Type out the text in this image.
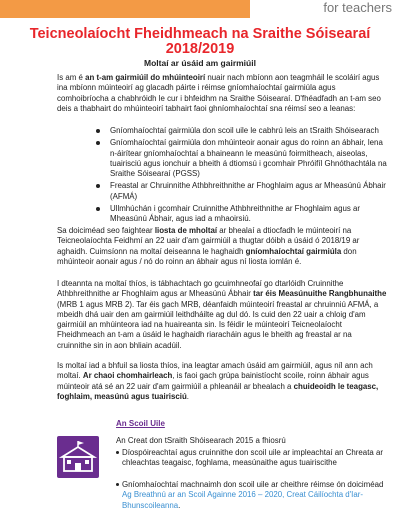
for teachers
Teicneolaíocht Fheidhmeach na Sraithe Sóisearaí
2018/2019
Moltaí ar úsáid am gairmiúil

Is am é an t-am gairmiúil do mhúinteoirí nuair nach mbíonn aon teagmháil le scoláirí agus ina mbíonn múinteoirí ag glacadh páirte i réimse gníomhaíochtaí gairmiúla agus comhoibríocha a chabhróidh le cur i bhfeidhm na Sraithe Sóisearaí. D'fhéadfadh an t-am seo deis a thabhairt do mhúinteoirí tabhairt faoi ghníomhaíochtaí sna réimsí seo a leanas:

Gníomhaíochtaí gairmiúla don scoil uile le cabhrú leis an tSraith Shóisearach
Gníomhaíochtaí gairmiúla don mhúinteoir aonair agus do roinn an ábhair, lena n-áirítear gníomhaíochtaí a bhaineann le measúnú foirmitheach, aiseolas, tuairisciú agus ionchuir a bheith á dtiomsú i gcomhair Phróifíl Ghnóthachtála na Sraithe Sóisearaí (PGSS)
Freastal ar Chruinnithe Athbhreithnithe ar Fhoghlaim agus ar Mheasúnú Ábhair (AFMÁ)
Ullmhúchán i gcomhair Cruinnithe Athbhreithnithe ar Fhoghlaim agus ar Mheasúnú Ábhair, agus iad a mhaoirsiú.

Sa doiciméad seo faightear liosta de mholtaí ar bhealaí a dtiocfadh le múinteoirí na Teicneolaíochta Feidhmí an 22 uair d'am gairmiúil a thugtar dóibh a úsáid ó 2018/19 ar aghaidh. Cuimsíonn na moltaí deiseanna le haghaidh gníomhaíochtaí gairmiúla don mhúinteoir aonair agus / nó do roinn an ábhair agus ní liosta iomlán é.

I dteannta na moltaí thíos, is tábhachtach go gcuimhneofaí go dtarlóidh Cruinnithe Athbhreithnithe ar Fhoghlaim agus ar Mheasúnú Ábhair tar éis Measúnuithe Rangbhunaithe (MRB 1 agus MRB 2). Tar éis gach MRB, déanfaidh múinteoirí freastal ar chruinniú AFMÁ, a mbeidh dhá uair den am gairmiúil leithdháilte ag dul dó. Is cuid den 22 uair a chloig d'am gairmiúil an mhúinteora iad na huaireanta sin. Is féidir le múinteoirí Teicneolaíocht Fheidhmeach an t-am a úsáid le haghaidh riaracháin agus le bheith ag freastal ar na cruinnithe sin in aon bhliain acadúil.

Is moltaí iad a bhfuil sa liosta thíos, ina leagtar amach úsáid am gairmiúil, agus níl ann ach moltaí. Ar chaoi chomhairleach, is faoi gach grúpa bainistíocht scoile, roinn ábhair agus múinteoir atá sé an 22 uair d'am gairmiúil a phleanáil ar bhealach a chuideoidh le teagasc, foghlaim, measúnú agus tuairisciú.

An Scoil Uile
An Creat don tSraith Shóisearach 2015 a fhiosrú
Díospóireachtaí agus cruinnithe don scoil uile ar impleachtaí an Chreata ar chleachtas teagaisc, foghlama, measúnaithe agus tuairiscithe
Gníomhaíochtaí machnaimh don scoil uile ar cheithre réimse ón doiciméad Ag Breathnú ar an Scoil Againne 2016 – 2020, Creat Cáilíochta d'Iar-Bhunscoileanna.
